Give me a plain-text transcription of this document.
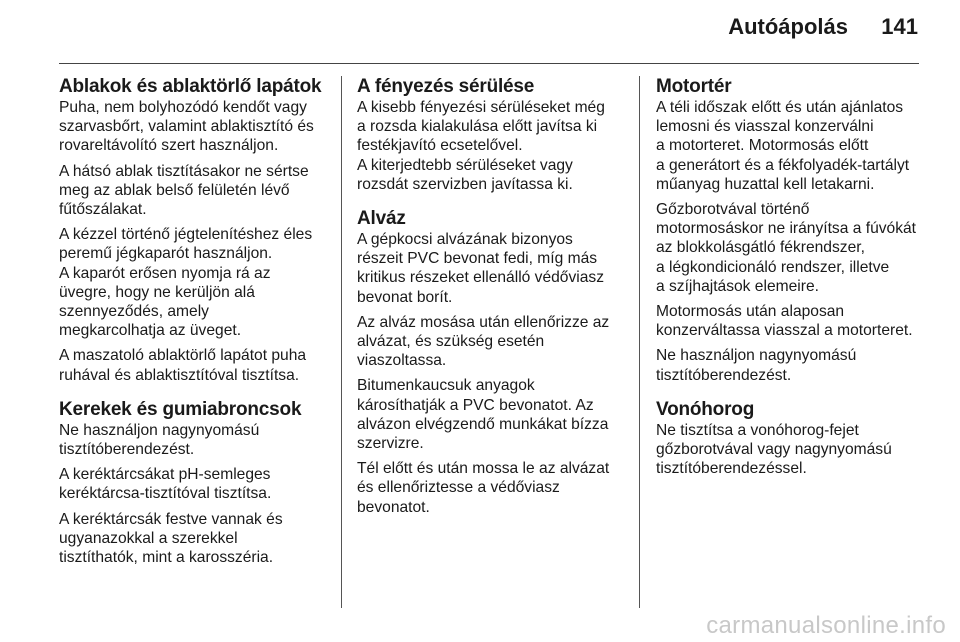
Autóápolás 141
Ablakok és ablaktörlő lapátok

Puha, nem bolyhozódó kendőt vagy
szarvasbőrt, valamint ablaktisztító és
rovareltávolító szert használjon.

A hátsó ablak tisztításakor ne sértse
meg az ablak belső felületén lévő
fűtőszálakat.

A kézzel történő jégtelenítéshez éles
peremű jégkaparót használjon.
A kaparót erősen nyomja rá az
üvegre, hogy ne kerüljön alá
szennyeződés, amely
megkarcolhatja az üveget.

A maszatoló ablaktörlő lapátot puha
ruhával és ablaktisztítóval tisztítsa.

Kerekek és gumiabroncsok

Ne használjon nagynyomású
tisztítóberendezést.

A keréktárcsákat pH-semleges
keréktárcsa-tisztítóval tisztítsa.

A keréktárcsák festve vannak és
ugyanazokkal a szerekkel
tisztíthatók, mint a karosszéria.

A fényezés sérülése

A kisebb fényezési sérüléseket még
a rozsda kialakulása előtt javítsa ki
festékjavító ecsetelővel.
A kiterjedtebb sérüléseket vagy
rozsdát szervizben javítassa ki.

Alváz

A gépkocsi alvázának bizonyos
részeit PVC bevonat fedi, míg más
kritikus részeket ellenálló védőviasz
bevonat borít.

Az alváz mosása után ellenőrizze az
alvázat, és szükség esetén
viaszoltassa.

Bitumenkaucsuk anyagok
károsíthatják a PVC bevonatot. Az
alvázon elvégzendő munkákat bízza
szervizre.

Tél előtt és után mossa le az alvázat
és ellenőriztesse a védőviasz
bevonatot.

Motortér

A téli időszak előtt és után ajánlatos
lemosni és viasszal konzerválni
a motorteret. Motormosás előtt
a generátort és a fékfolyadék-tartályt
műanyag huzattal kell letakarni.

Gőzborotvával történő
motormosáskor ne irányítsa a fúvókát
az blokkolásgátló fékrendszer,
a légkondicionáló rendszer, illetve
a szíjhajtások elemeire.

Motormosás után alaposan
konzerváltassa viasszal a motorteret.

Ne használjon nagynyomású
tisztítóberendezést.

Vonóhorog

Ne tisztítsa a vonóhorog-fejet
gőzborotvával vagy nagynyomású
tisztítóberendezéssel.

carmanualsonline.info
